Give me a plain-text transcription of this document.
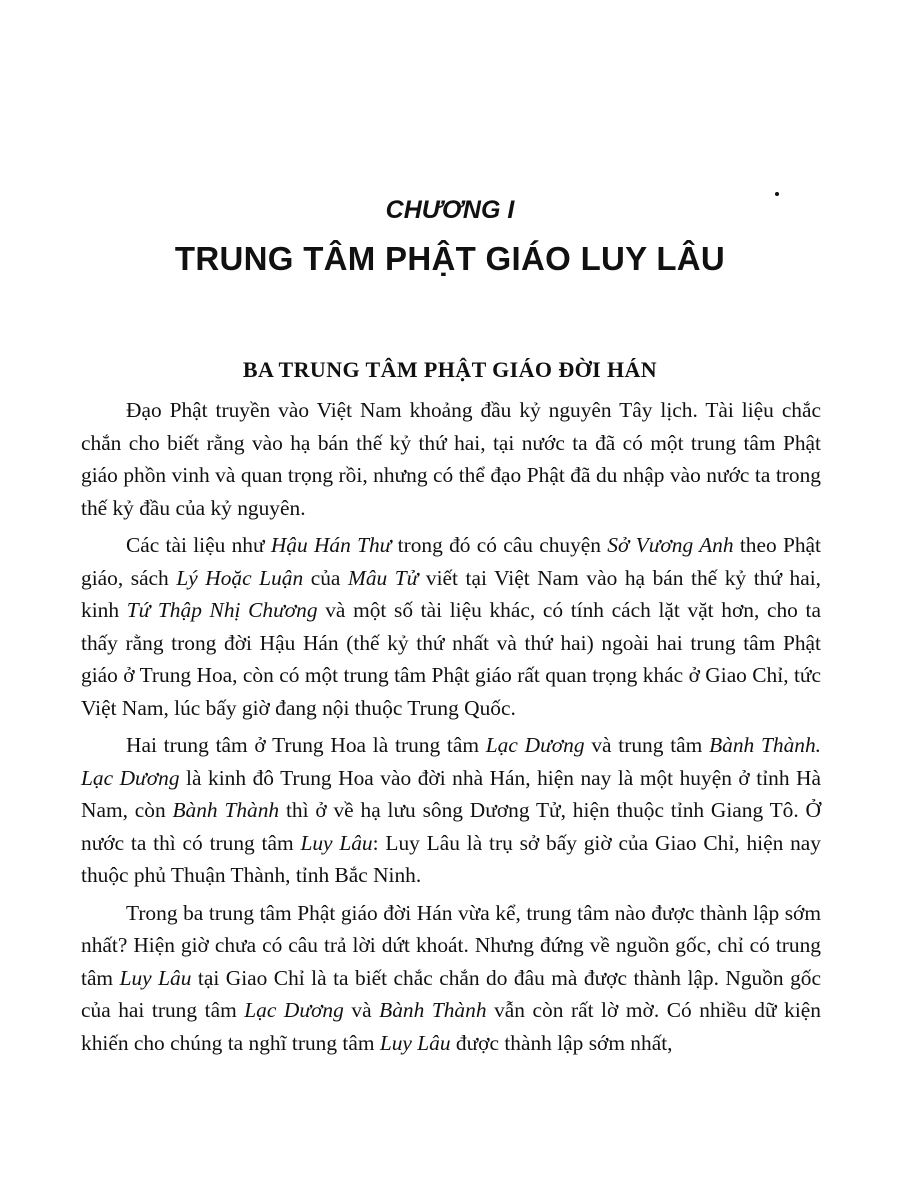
CHƯƠNG I
TRUNG TÂM PHẬT GIÁO LUY LÂU
BA TRUNG TÂM PHẬT GIÁO ĐỜI HÁN

Đạo Phật truyền vào Việt Nam khoảng đầu kỷ nguyên Tây lịch. Tài liệu chắc chắn cho biết rằng vào hạ bán thế kỷ thứ hai, tại nước ta đã có một trung tâm Phật giáo phồn vinh và quan trọng rồi, nhưng có thể đạo Phật đã du nhập vào nước ta trong thế kỷ đầu của kỷ nguyên.

Các tài liệu như Hậu Hán Thư trong đó có câu chuyện Sở Vương Anh theo Phật giáo, sách Lý Hoặc Luận của Mâu Tử viết tại Việt Nam vào hạ bán thế kỷ thứ hai, kinh Tứ Thập Nhị Chương và một số tài liệu khác, có tính cách lặt vặt hơn, cho ta thấy rằng trong đời Hậu Hán (thế kỷ thứ nhất và thứ hai) ngoài hai trung tâm Phật giáo ở Trung Hoa, còn có một trung tâm Phật giáo rất quan trọng khác ở Giao Chỉ, tức Việt Nam, lúc bấy giờ đang nội thuộc Trung Quốc.

Hai trung tâm ở Trung Hoa là trung tâm Lạc Dương và trung tâm Bành Thành. Lạc Dương là kinh đô Trung Hoa vào đời nhà Hán, hiện nay là một huyện ở tỉnh Hà Nam, còn Bành Thành thì ở về hạ lưu sông Dương Tử, hiện thuộc tỉnh Giang Tô. Ở nước ta thì có trung tâm Luy Lâu: Luy Lâu là trụ sở bấy giờ của Giao Chỉ, hiện nay thuộc phủ Thuận Thành, tỉnh Bắc Ninh.

Trong ba trung tâm Phật giáo đời Hán vừa kể, trung tâm nào được thành lập sớm nhất? Hiện giờ chưa có câu trả lời dứt khoát. Nhưng đứng về nguồn gốc, chỉ có trung tâm Luy Lâu tại Giao Chỉ là ta biết chắc chắn do đâu mà được thành lập. Nguồn gốc của hai trung tâm Lạc Dương và Bành Thành vẫn còn rất lờ mờ. Có nhiều dữ kiện khiến cho chúng ta nghĩ trung tâm Luy Lâu được thành lập sớm nhất,
